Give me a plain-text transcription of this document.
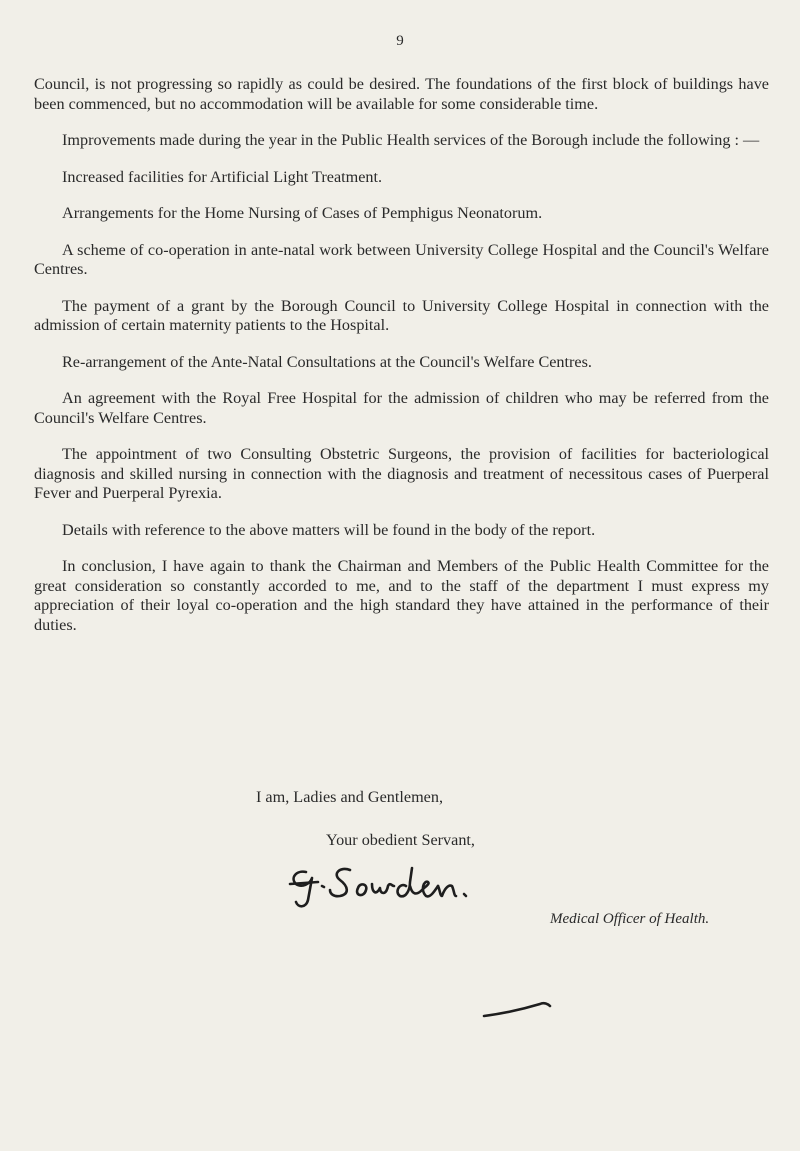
9

Council, is not progressing so rapidly as could be desired. The foundations of the first block of buildings have been commenced, but no accommodation will be available for some considerable time.

Improvements made during the year in the Public Health services of the Borough include the following : —

Increased facilities for Artificial Light Treatment.

Arrangements for the Home Nursing of Cases of Pemphigus Neonatorum.

A scheme of co-operation in ante-natal work between University College Hospital and the Council's Welfare Centres.

The payment of a grant by the Borough Council to University College Hospital in connection with the admission of certain maternity patients to the Hospital.

Re-arrangement of the Ante-Natal Consultations at the Council's Welfare Centres.

An agreement with the Royal Free Hospital for the admission of children who may be referred from the Council's Welfare Centres.

The appointment of two Consulting Obstetric Surgeons, the provision of facilities for bacteriological diagnosis and skilled nursing in connection with the diagnosis and treatment of necessitous cases of Puerperal Fever and Puerperal Pyrexia.

Details with reference to the above matters will be found in the body of the report.

In conclusion, I have again to thank the Chairman and Members of the Public Health Committee for the great consideration so constantly accorded to me, and to the staff of the department I must express my appreciation of their loyal co-operation and the high standard they have attained in the performance of their duties.

I am, Ladies and Gentlemen,
Your obedient Servant,
Medical Officer of Health.
